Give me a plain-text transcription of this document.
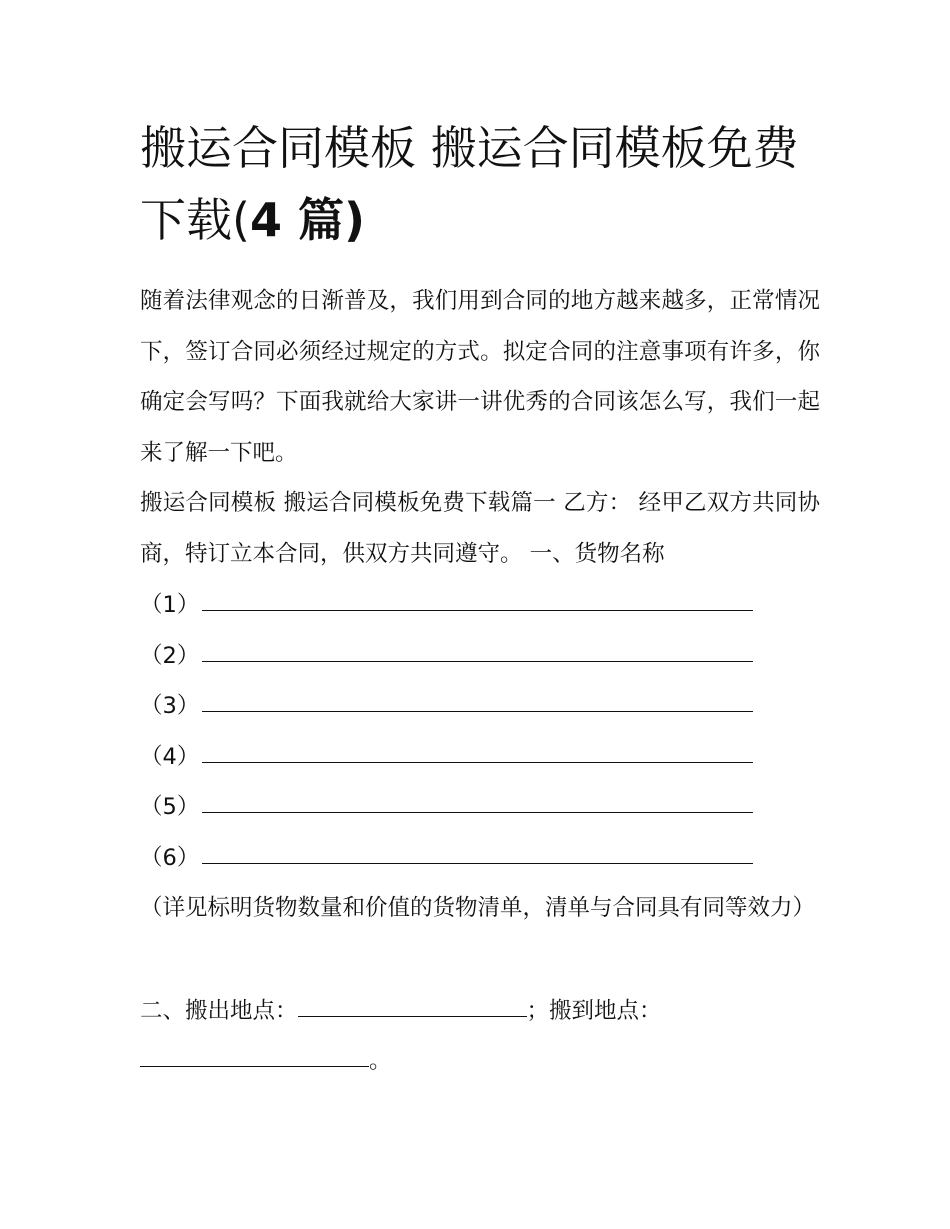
搬运合同模板 搬运合同模板免费下载(4 篇)

随着法律观念的日渐普及，我们用到合同的地方越来越多，正常情况下，签订合同必须经过规定的方式。拟定合同的注意事项有许多，你确定会写吗？下面我就给大家讲一讲优秀的合同该怎么写，我们一起来了解一下吧。

搬运合同模板 搬运合同模板免费下载篇一 乙方： 经甲乙双方共同协商，特订立本合同，供双方共同遵守。 一、货物名称

（1）
（2）
（3）
（4）
（5）
（6）

（详见标明货物数量和价值的货物清单，清单与合同具有同等效力）

二、搬出地点：	；搬到地点：
。
